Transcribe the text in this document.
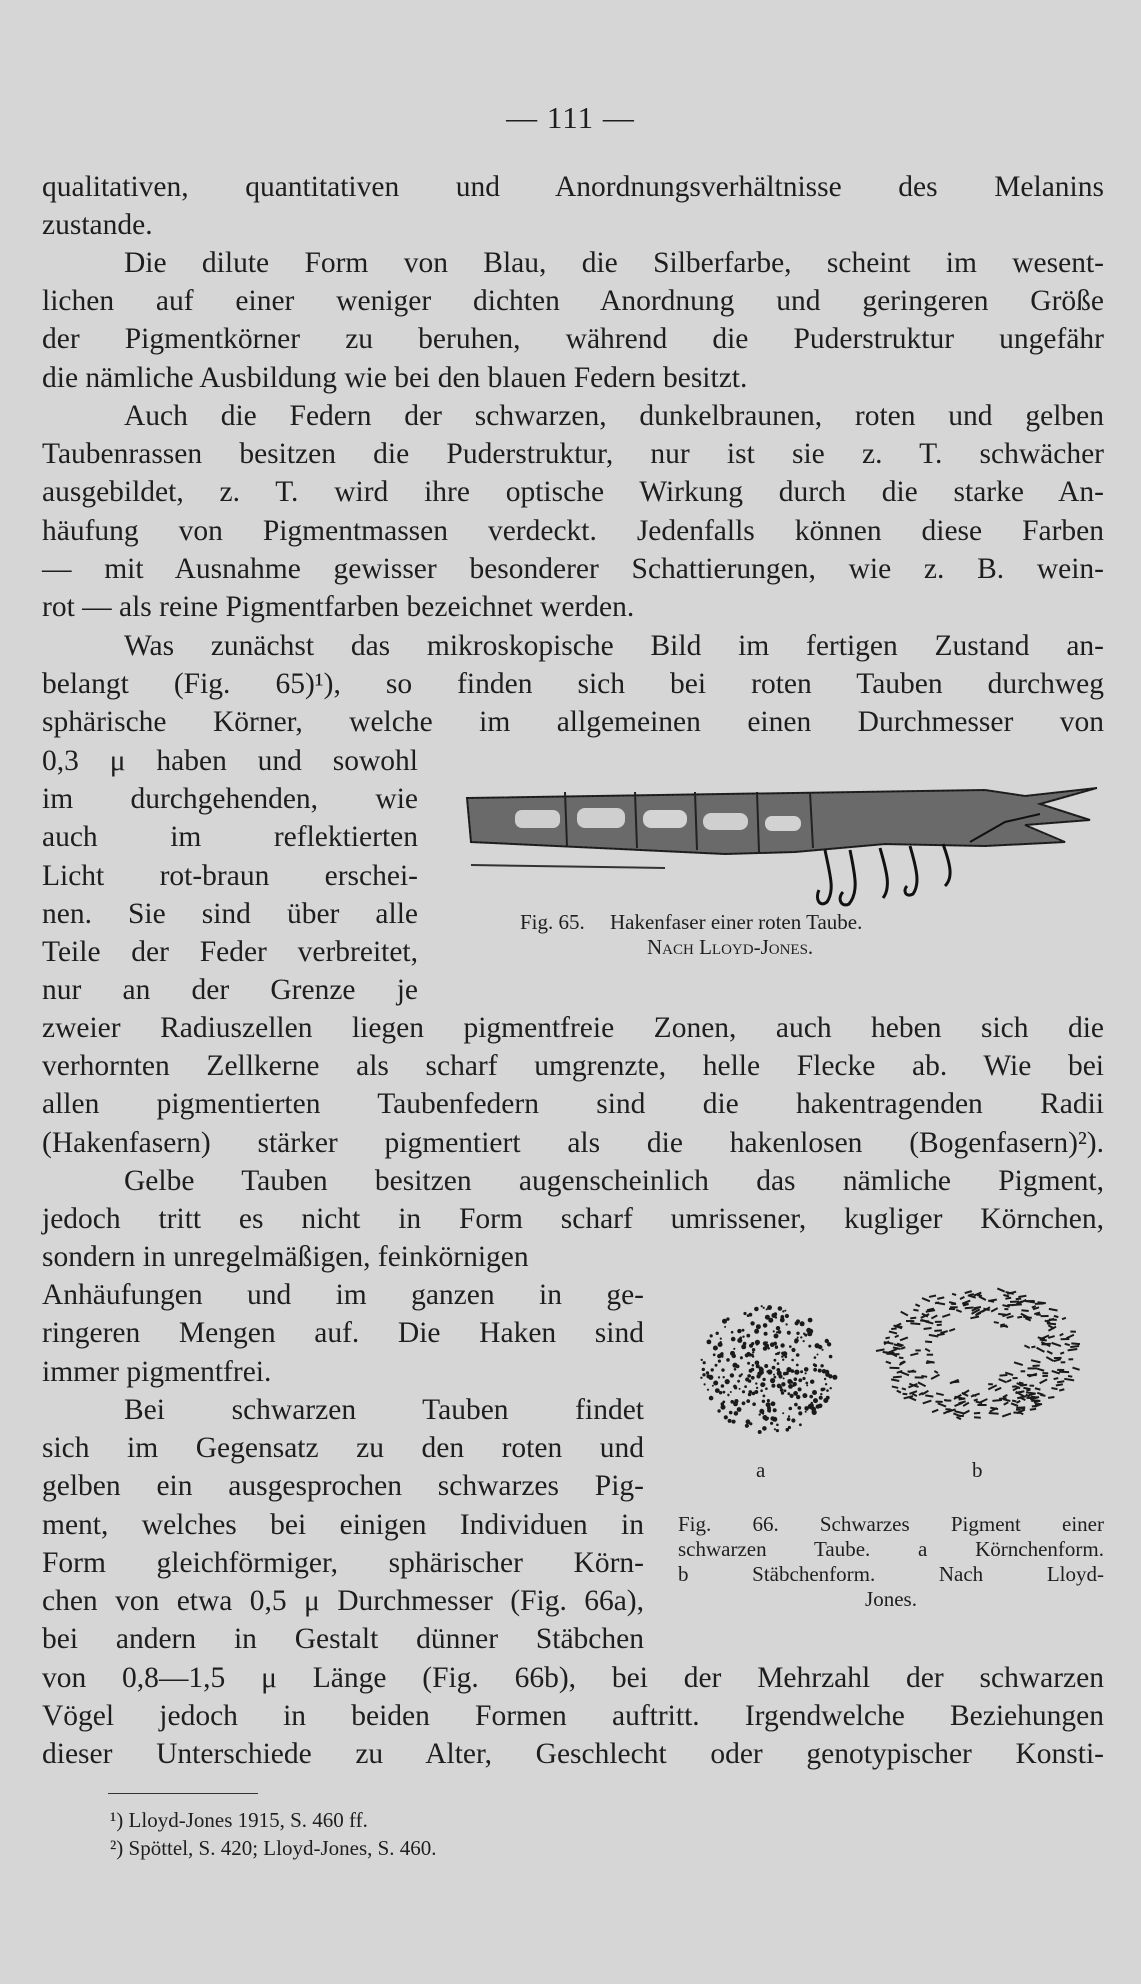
— 111 —
qualitativen, quantitativen und Anordnungsverhältnisse des Melanins
zustande.
Die dilute Form von Blau, die Silberfarbe, scheint im wesent-
lichen auf einer weniger dichten Anordnung und geringeren Größe
der Pigmentkörner zu beruhen, während die Puderstruktur ungefähr
die nämliche Ausbildung wie bei den blauen Federn besitzt.
Auch die Federn der schwarzen, dunkelbraunen, roten und gelben
Taubenrassen besitzen die Puderstruktur, nur ist sie z. T. schwächer
ausgebildet, z. T. wird ihre optische Wirkung durch die starke An-
häufung von Pigmentmassen verdeckt. Jedenfalls können diese Farben
— mit Ausnahme gewisser besonderer Schattierungen, wie z. B. wein-
rot — als reine Pigmentfarben bezeichnet werden.
Was zunächst das mikroskopische Bild im fertigen Zustand an-
belangt (Fig. 65)¹), so finden sich bei roten Tauben durchweg
sphärische Körner, welche im allgemeinen einen Durchmesser von
0,3 μ haben und sowohl
im durchgehenden, wie
auch im reflektierten
Licht rot-braun erschei-
nen. Sie sind über alle
Teile der Feder verbreitet,
nur an der Grenze je
zweier Radiuszellen liegen pigmentfreie Zonen, auch heben sich die
verhornten Zellkerne als scharf umgrenzte, helle Flecke ab. Wie bei
allen pigmentierten Taubenfedern sind die hakentragenden Radii
(Hakenfasern) stärker pigmentiert als die hakenlosen (Bogenfasern)²).
Fig. 65.	Hakenfaser einer roten Taube.
Nach Lloyd-Jones.
Gelbe Tauben besitzen augenscheinlich das nämliche Pigment,
jedoch tritt es nicht in Form scharf umrissener, kugliger Körnchen,
sondern in unregelmäßigen, feinkörnigen
Anhäufungen und im ganzen in ge-
ringeren Mengen auf. Die Haken sind
immer pigmentfrei.
Bei schwarzen Tauben findet
sich im Gegensatz zu den roten und
gelben ein ausgesprochen schwarzes Pig-
ment, welches bei einigen Individuen in
Form gleichförmiger, sphärischer Körn-
chen von etwa 0,5 μ Durchmesser (Fig. 66a),
bei andern in Gestalt dünner Stäbchen
von 0,8—1,5 μ Länge (Fig. 66b), bei der Mehrzahl der schwarzen
Vögel jedoch in beiden Formen auftritt. Irgendwelche Beziehungen
dieser Unterschiede zu Alter, Geschlecht oder genotypischer Konsti-
a	b
Fig. 66. Schwarzes Pigment einer
schwarzen Taube. a Körnchenform.
b Stäbchenform. Nach Lloyd-
Jones.
¹) Lloyd-Jones 1915, S. 460 ff.
²) Spöttel, S. 420; Lloyd-Jones, S. 460.
